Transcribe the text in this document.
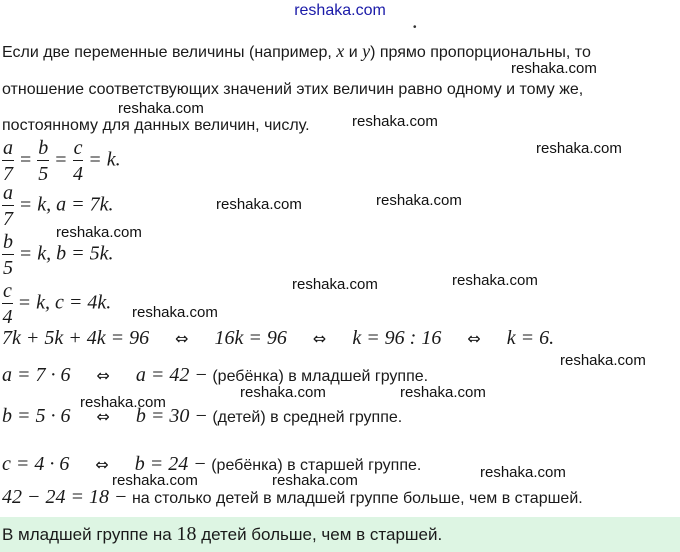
reshaka.com
•
Если две переменные величины (например, x и y) прямо пропорциональны, то
отношение соответствующих значений этих величин равно одному и тому же,
постоянному для данных величин, числу.
$\frac{a}{7} = \frac{b}{5} = \frac{c}{4} = k$.
$\frac{a}{7} = k$, a = 7k.
$\frac{b}{5} = k$, b = 5k.
$\frac{c}{4} = k$, c = 4k.
7k + 5k + 4k = 96 ⇔ 16k = 96 ⇔ k = 96 : 16 ⇔ k = 6.
a = 7 · 6 ⇔ a = 42 − (ребёнка) в младшей группе.
b = 5 · 6 ⇔ b = 30 − (детей) в средней группе.
c = 4 · 6 ⇔ b = 24 − (ребёнка) в старшей группе.
42 − 24 = 18 − на столько детей в младшей группе больше, чем в старшей.
В младшей группе на 18 детей больше, чем в старшей.
reshaka.com
reshaka.com
reshaka.com
reshaka.com
reshaka.com	reshaka.com
reshaka.com
reshaka.com	reshaka.com
reshaka.com
reshaka.com
reshaka.com
reshaka.com	reshaka.com
reshaka.com
reshaka.com	reshaka.com
